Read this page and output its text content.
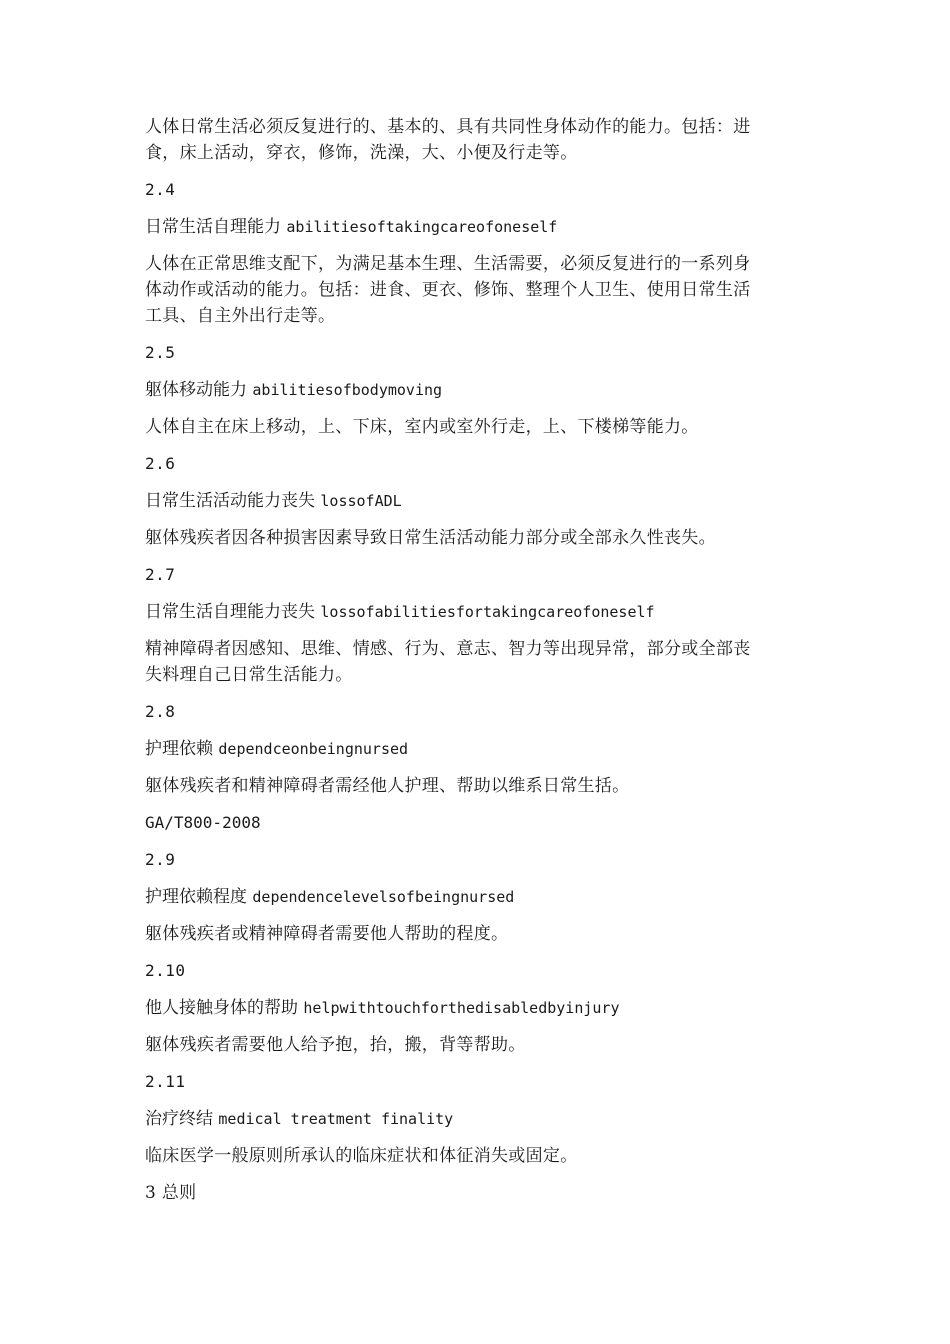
人体日常生活必须反复进行的、基本的、具有共同性身体动作的能力。包括：进
食，床上活动，穿衣，修饰，洗澡，大、小便及行走等。

2.4

日常生活自理能力 abilitiesoftakingcareofoneself

人体在正常思维支配下，为满足基本生理、生活需要，必须反复进行的一系列身
体动作或活动的能力。包括：进食、更衣、修饰、整理个人卫生、使用日常生活
工具、自主外出行走等。

2.5

躯体移动能力 abilitiesofbodymoving

人体自主在床上移动，上、下床，室内或室外行走，上、下楼梯等能力。

2.6

日常生活活动能力丧失 lossofADL

躯体残疾者因各种损害因素导致日常生活活动能力部分或全部永久性丧失。

2.7

日常生活自理能力丧失 lossofabilitiesfortakingcareofoneself

精神障碍者因感知、思维、情感、行为、意志、智力等出现异常，部分或全部丧
失料理自己日常生活能力。

2.8

护理依赖 dependceonbeingnursed

躯体残疾者和精神障碍者需经他人护理、帮助以维系日常生括。

GA/T800-2008

2.9

护理依赖程度 dependencelevelsofbeingnursed

躯体残疾者或精神障碍者需要他人帮助的程度。

2.10

他人接触身体的帮助 helpwithtouchforthedisabledbyinjury

躯体残疾者需要他人给予抱，抬，搬，背等帮助。

2.11

治疗终结 medical treatment finality

临床医学一般原则所承认的临床症状和体征消失或固定。

3 总则
